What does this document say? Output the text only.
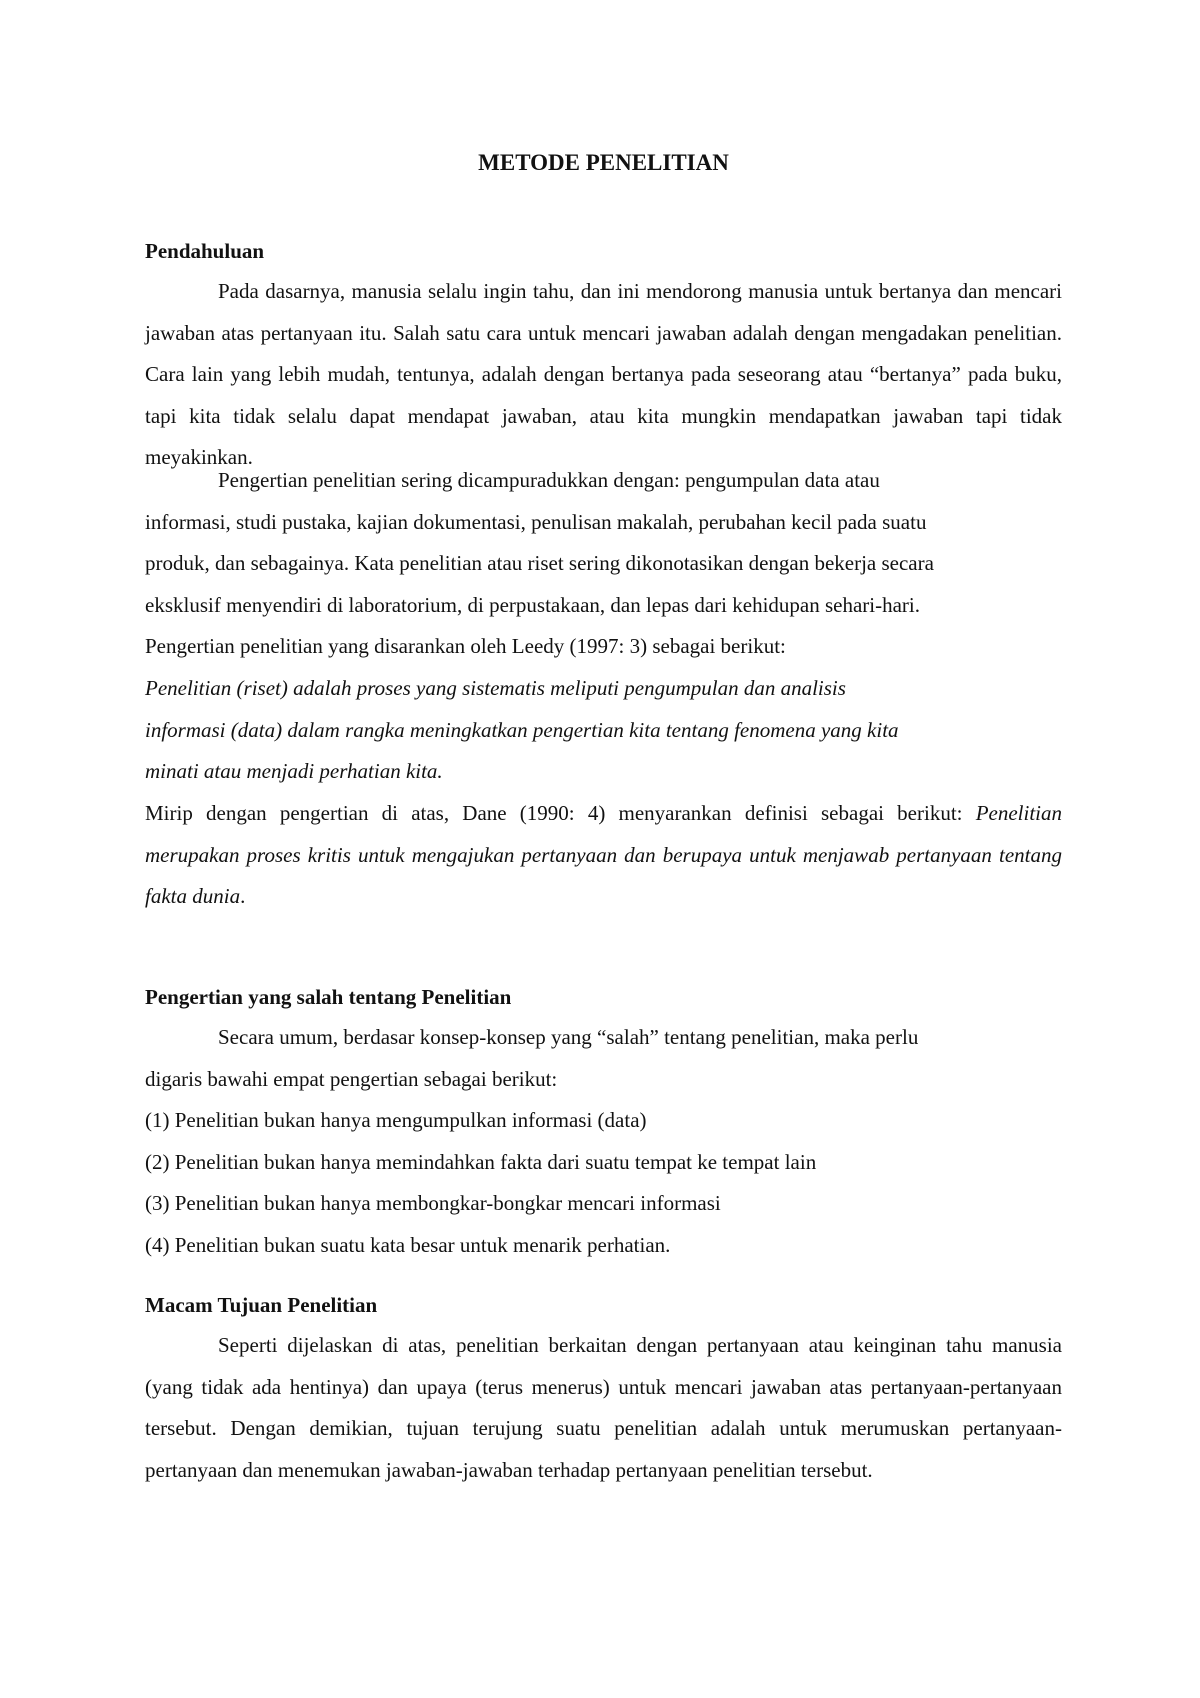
METODE PENELITIAN
Pendahuluan

Pada dasarnya, manusia selalu ingin tahu, dan ini mendorong manusia untuk bertanya dan mencari jawaban atas pertanyaan itu. Salah satu cara untuk mencari jawaban adalah dengan mengadakan penelitian. Cara lain yang lebih mudah, tentunya, adalah dengan bertanya pada seseorang atau “bertanya” pada buku, tapi kita tidak selalu dapat mendapat jawaban, atau kita mungkin mendapatkan jawaban tapi tidak meyakinkan.

Pengertian penelitian sering dicampuradukkan dengan: pengumpulan data atau
informasi, studi pustaka, kajian dokumentasi, penulisan makalah, perubahan kecil pada suatu
produk, dan sebagainya. Kata penelitian atau riset sering dikonotasikan dengan bekerja secara
eksklusif menyendiri di laboratorium, di perpustakaan, dan lepas dari kehidupan sehari-hari.
Pengertian penelitian yang disarankan oleh Leedy (1997: 3) sebagai berikut:
Penelitian (riset) adalah proses yang sistematis meliputi pengumpulan dan analisis
informasi (data) dalam rangka meningkatkan pengertian kita tentang fenomena yang kita
minati atau menjadi perhatian kita.

Mirip dengan pengertian di atas, Dane (1990: 4) menyarankan definisi sebagai berikut: Penelitian merupakan proses kritis untuk mengajukan pertanyaan dan berupaya untuk menjawab pertanyaan tentang fakta dunia.

Pengertian yang salah tentang Penelitian
Secara umum, berdasar konsep-konsep yang “salah” tentang penelitian, maka perlu
digaris bawahi empat pengertian sebagai berikut:
(1) Penelitian bukan hanya mengumpulkan informasi (data)
(2) Penelitian bukan hanya memindahkan fakta dari suatu tempat ke tempat lain
(3) Penelitian bukan hanya membongkar-bongkar mencari informasi
(4) Penelitian bukan suatu kata besar untuk menarik perhatian.
Macam Tujuan Penelitian

Seperti dijelaskan di atas, penelitian berkaitan dengan pertanyaan atau keinginan tahu manusia (yang tidak ada hentinya) dan upaya (terus menerus) untuk mencari jawaban atas pertanyaan-pertanyaan tersebut. Dengan demikian, tujuan terujung suatu penelitian adalah untuk merumuskan pertanyaan-pertanyaan dan menemukan jawaban-jawaban terhadap pertanyaan penelitian tersebut.
